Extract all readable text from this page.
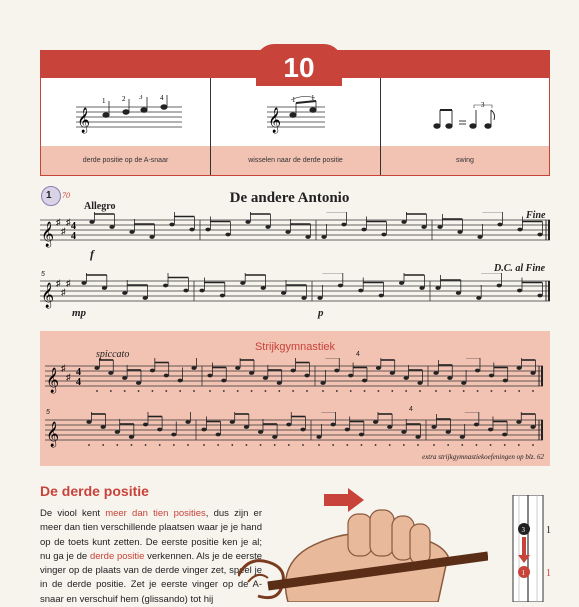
10
derde positie op de A-snaar	wisselen naar de derde positie	swing
𝄞
1 2 3	4
𝄞
1 1
3
1 70	De andere Antonio
Allegro
Fine
D.C. al Fine
f
mp	p
5
𝄞 ♯
♯
♯ 4
4
𝄞 ♯
♯
♯
Strijkgymnastiek
spiccato	4
4
5
𝄞 ♯
♯ 4
4
𝄞
extra strijkgymnastiekoefeningen op blz. 62
De derde positie
De viool kent meer dan tien posities, dus zijn er meer dan tien verschillende plaatsen waar je je hand op de toets kunt zetten. De eerste positie ken je al; nu ga je de derde positie verkennen. Als je de eerste vinger op de plaats van de derde vinger zet, speel je in de derde positie. Zet je eerste vinger op de A-snaar en verschuif hem (glissando) tot hij
3
1
1
1
